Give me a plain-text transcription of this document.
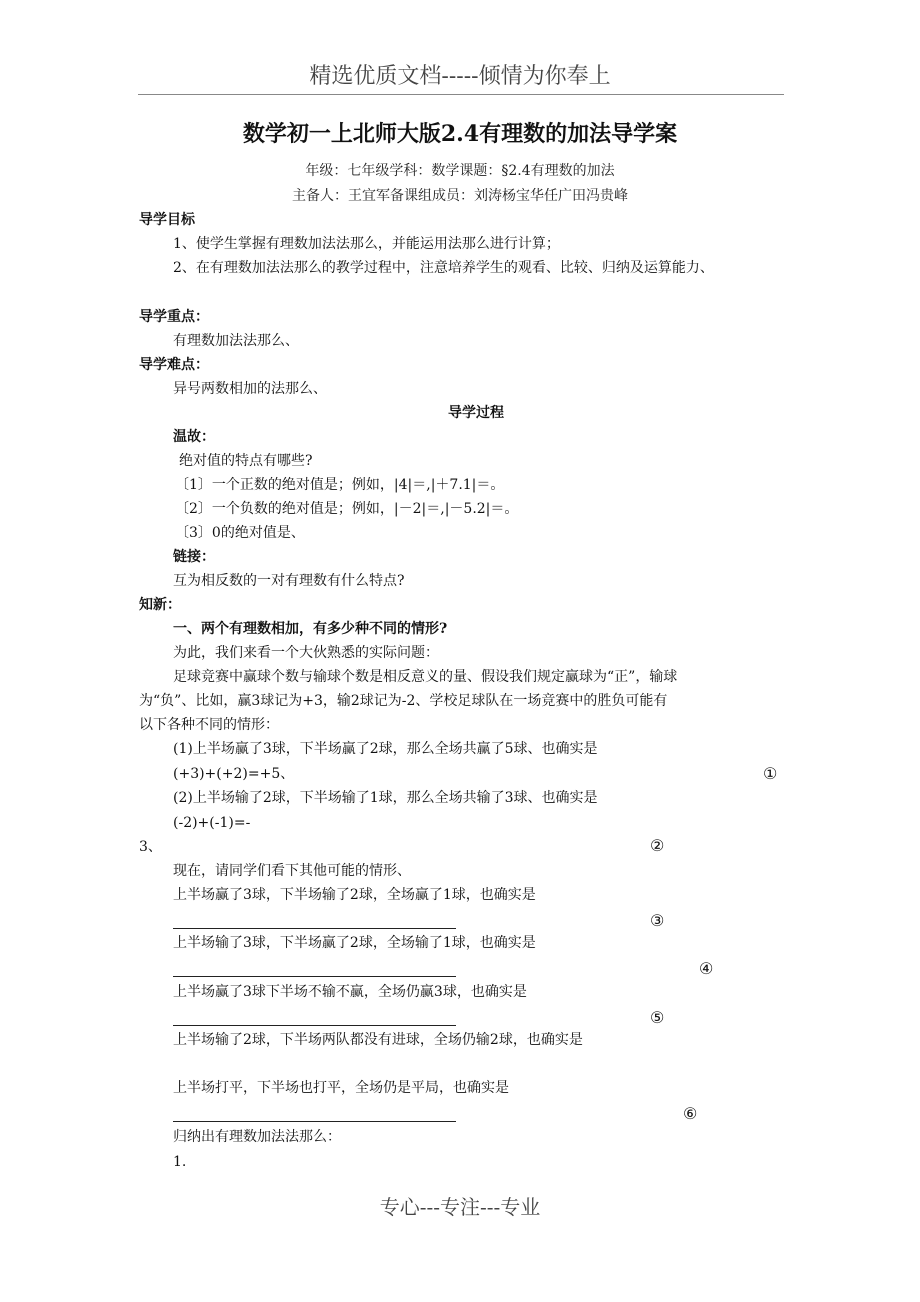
精选优质文档-----倾情为你奉上
数学初一上北师大版2.4有理数的加法导学案
年级：七年级学科：数学课题：§2.4有理数的加法
主备人：王宜军备课组成员：刘涛杨宝华任广田冯贵峰
导学目标
1、使学生掌握有理数加法法那么，并能运用法那么进行计算；
2、在有理数加法法那么的教学过程中，注意培养学生的观看、比较、归纳及运算能力、
导学重点：
有理数加法法那么、
导学难点：
异号两数相加的法那么、
导学过程
温故：
绝对值的特点有哪些?
〔1〕一个正数的绝对值是；例如，|4|＝,|＋7.1|＝。
〔2〕一个负数的绝对值是；例如，|－2|＝,|－5.2|＝。
〔3〕0的绝对值是、
链接：
互为相反数的一对有理数有什么特点?
知新：
一、两个有理数相加，有多少种不同的情形?
为此，我们来看一个大伙熟悉的实际问题：
足球竞赛中赢球个数与输球个数是相反意义的量、假设我们规定赢球为“正”，输球
为“负”、比如，赢3球记为+3，输2球记为-2、学校足球队在一场竞赛中的胜负可能有
以下各种不同的情形：
(1)上半场赢了3球，下半场赢了2球，那么全场共赢了5球、也确实是
(+3)+(+2)=+5、	①
(2)上半场输了2球，下半场输了1球，那么全场共输了3球、也确实是
(-2)+(-1)=-
3、	②
现在，请同学们看下其他可能的情形、
上半场赢了3球，下半场输了2球，全场赢了1球，也确实是
③
上半场输了3球，下半场赢了2球，全场输了1球，也确实是
④
上半场赢了3球下半场不输不赢，全场仍赢3球，也确实是
⑤
上半场输了2球，下半场两队都没有进球，全场仍输2球，也确实是
上半场打平，下半场也打平，全场仍是平局，也确实是
⑥
归纳出有理数加法法那么：
1.
专心---专注---专业
